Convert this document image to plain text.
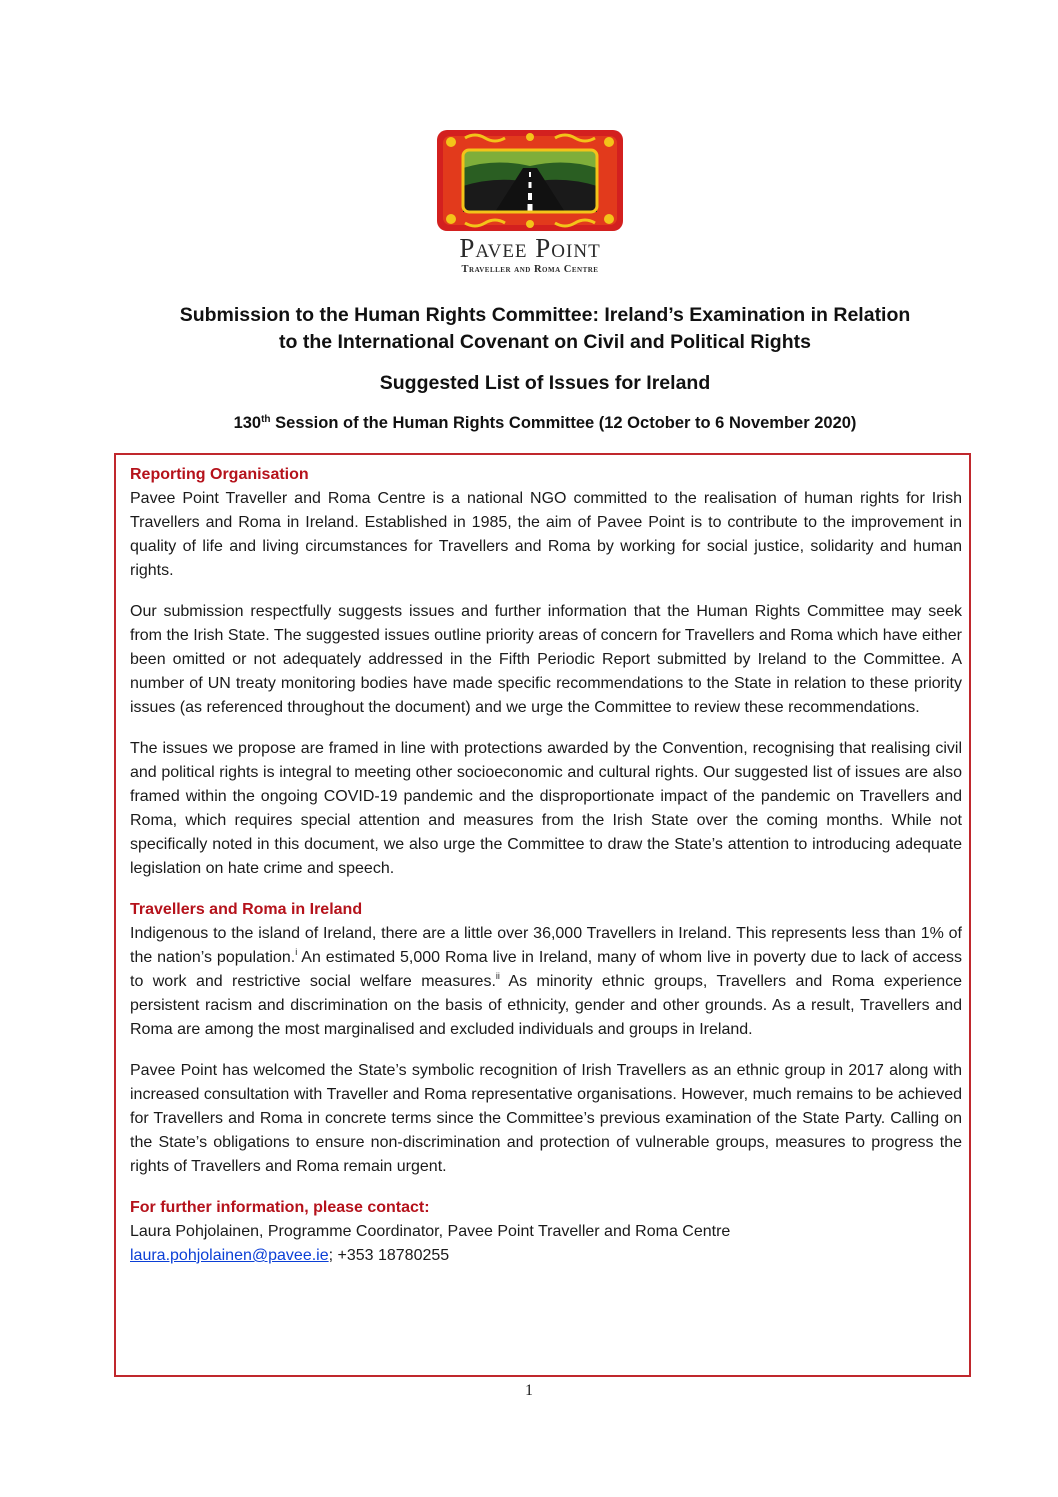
Pavee Point
Traveller and Roma Centre
Submission to the Human Rights Committee: Ireland’s Examination in Relation
to the International Covenant on Civil and Political Rights
Suggested List of Issues for Ireland
130th Session of the Human Rights Committee (12 October to 6 November 2020)

Reporting Organisation

Pavee Point Traveller and Roma Centre is a national NGO committed to the realisation of human rights for Irish Travellers and Roma in Ireland. Established in 1985, the aim of Pavee Point is to contribute to the improvement in quality of life and living circumstances for Travellers and Roma by working for social justice, solidarity and human rights.

Our submission respectfully suggests issues and further information that the Human Rights Committee may seek from the Irish State. The suggested issues outline priority areas of concern for Travellers and Roma which have either been omitted or not adequately addressed in the Fifth Periodic Report submitted by Ireland to the Committee. A number of UN treaty monitoring bodies have made specific recommendations to the State in relation to these priority issues (as referenced throughout the document) and we urge the Committee to review these recommendations.

The issues we propose are framed in line with protections awarded by the Convention, recognising that realising civil and political rights is integral to meeting other socioeconomic and cultural rights. Our suggested list of issues are also framed within the ongoing COVID-19 pandemic and the disproportionate impact of the pandemic on Travellers and Roma, which requires special attention and measures from the Irish State over the coming months. While not specifically noted in this document, we also urge the Committee to draw the State’s attention to introducing adequate legislation on hate crime and speech.

Travellers and Roma in Ireland

Indigenous to the island of Ireland, there are a little over 36,000 Travellers in Ireland. This represents less than 1% of the nation’s population.$^i$ An estimated 5,000 Roma live in Ireland, many of whom live in poverty due to lack of access to work and restrictive social welfare measures.$^{ii}$ As minority ethnic groups, Travellers and Roma experience persistent racism and discrimination on the basis of ethnicity, gender and other grounds. As a result, Travellers and Roma are among the most marginalised and excluded individuals and groups in Ireland.

Pavee Point has welcomed the State’s symbolic recognition of Irish Travellers as an ethnic group in 2017 along with increased consultation with Traveller and Roma representative organisations. However, much remains to be achieved for Travellers and Roma in concrete terms since the Committee’s previous examination of the State Party. Calling on the State’s obligations to ensure non-discrimination and protection of vulnerable groups, measures to progress the rights of Travellers and Roma remain urgent.

For further information, please contact:

Laura Pohjolainen, Programme Coordinator, Pavee Point Traveller and Roma Centre

laura.pohjolainen@pavee.ie; +353 18780255

1
